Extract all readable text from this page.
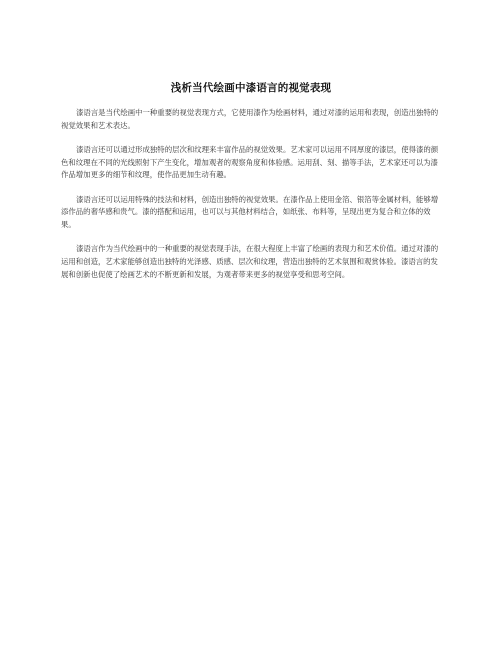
浅析当代绘画中漆语言的视觉表现

漆语言是当代绘画中一种重要的视觉表现方式，它使用漆作为绘画材料，通过对漆的运用和表现，创造出独特的视觉效果和艺术表达。

漆语言还可以通过形成独特的层次和纹理来丰富作品的视觉效果。艺术家可以运用不同厚度的漆层，使得漆的颜色和纹理在不同的光线照射下产生变化，增加观者的观察角度和体验感。运用刮、刻、描等手法，艺术家还可以为漆作品增加更多的细节和纹理，使作品更加生动有趣。

漆语言还可以运用特殊的技法和材料，创造出独特的视觉效果。在漆作品上使用金箔、银箔等金属材料，能够增添作品的奢华感和贵气。漆的搭配和运用，也可以与其他材料结合，如纸张、布料等，呈现出更为复合和立体的效果。

漆语言作为当代绘画中的一种重要的视觉表现手法，在很大程度上丰富了绘画的表现力和艺术价值。通过对漆的运用和创造，艺术家能够创造出独特的光泽感、质感、层次和纹理，营造出独特的艺术氛围和观赏体验。漆语言的发展和创新也促使了绘画艺术的不断更新和发展，为观者带来更多的视觉享受和思考空间。
